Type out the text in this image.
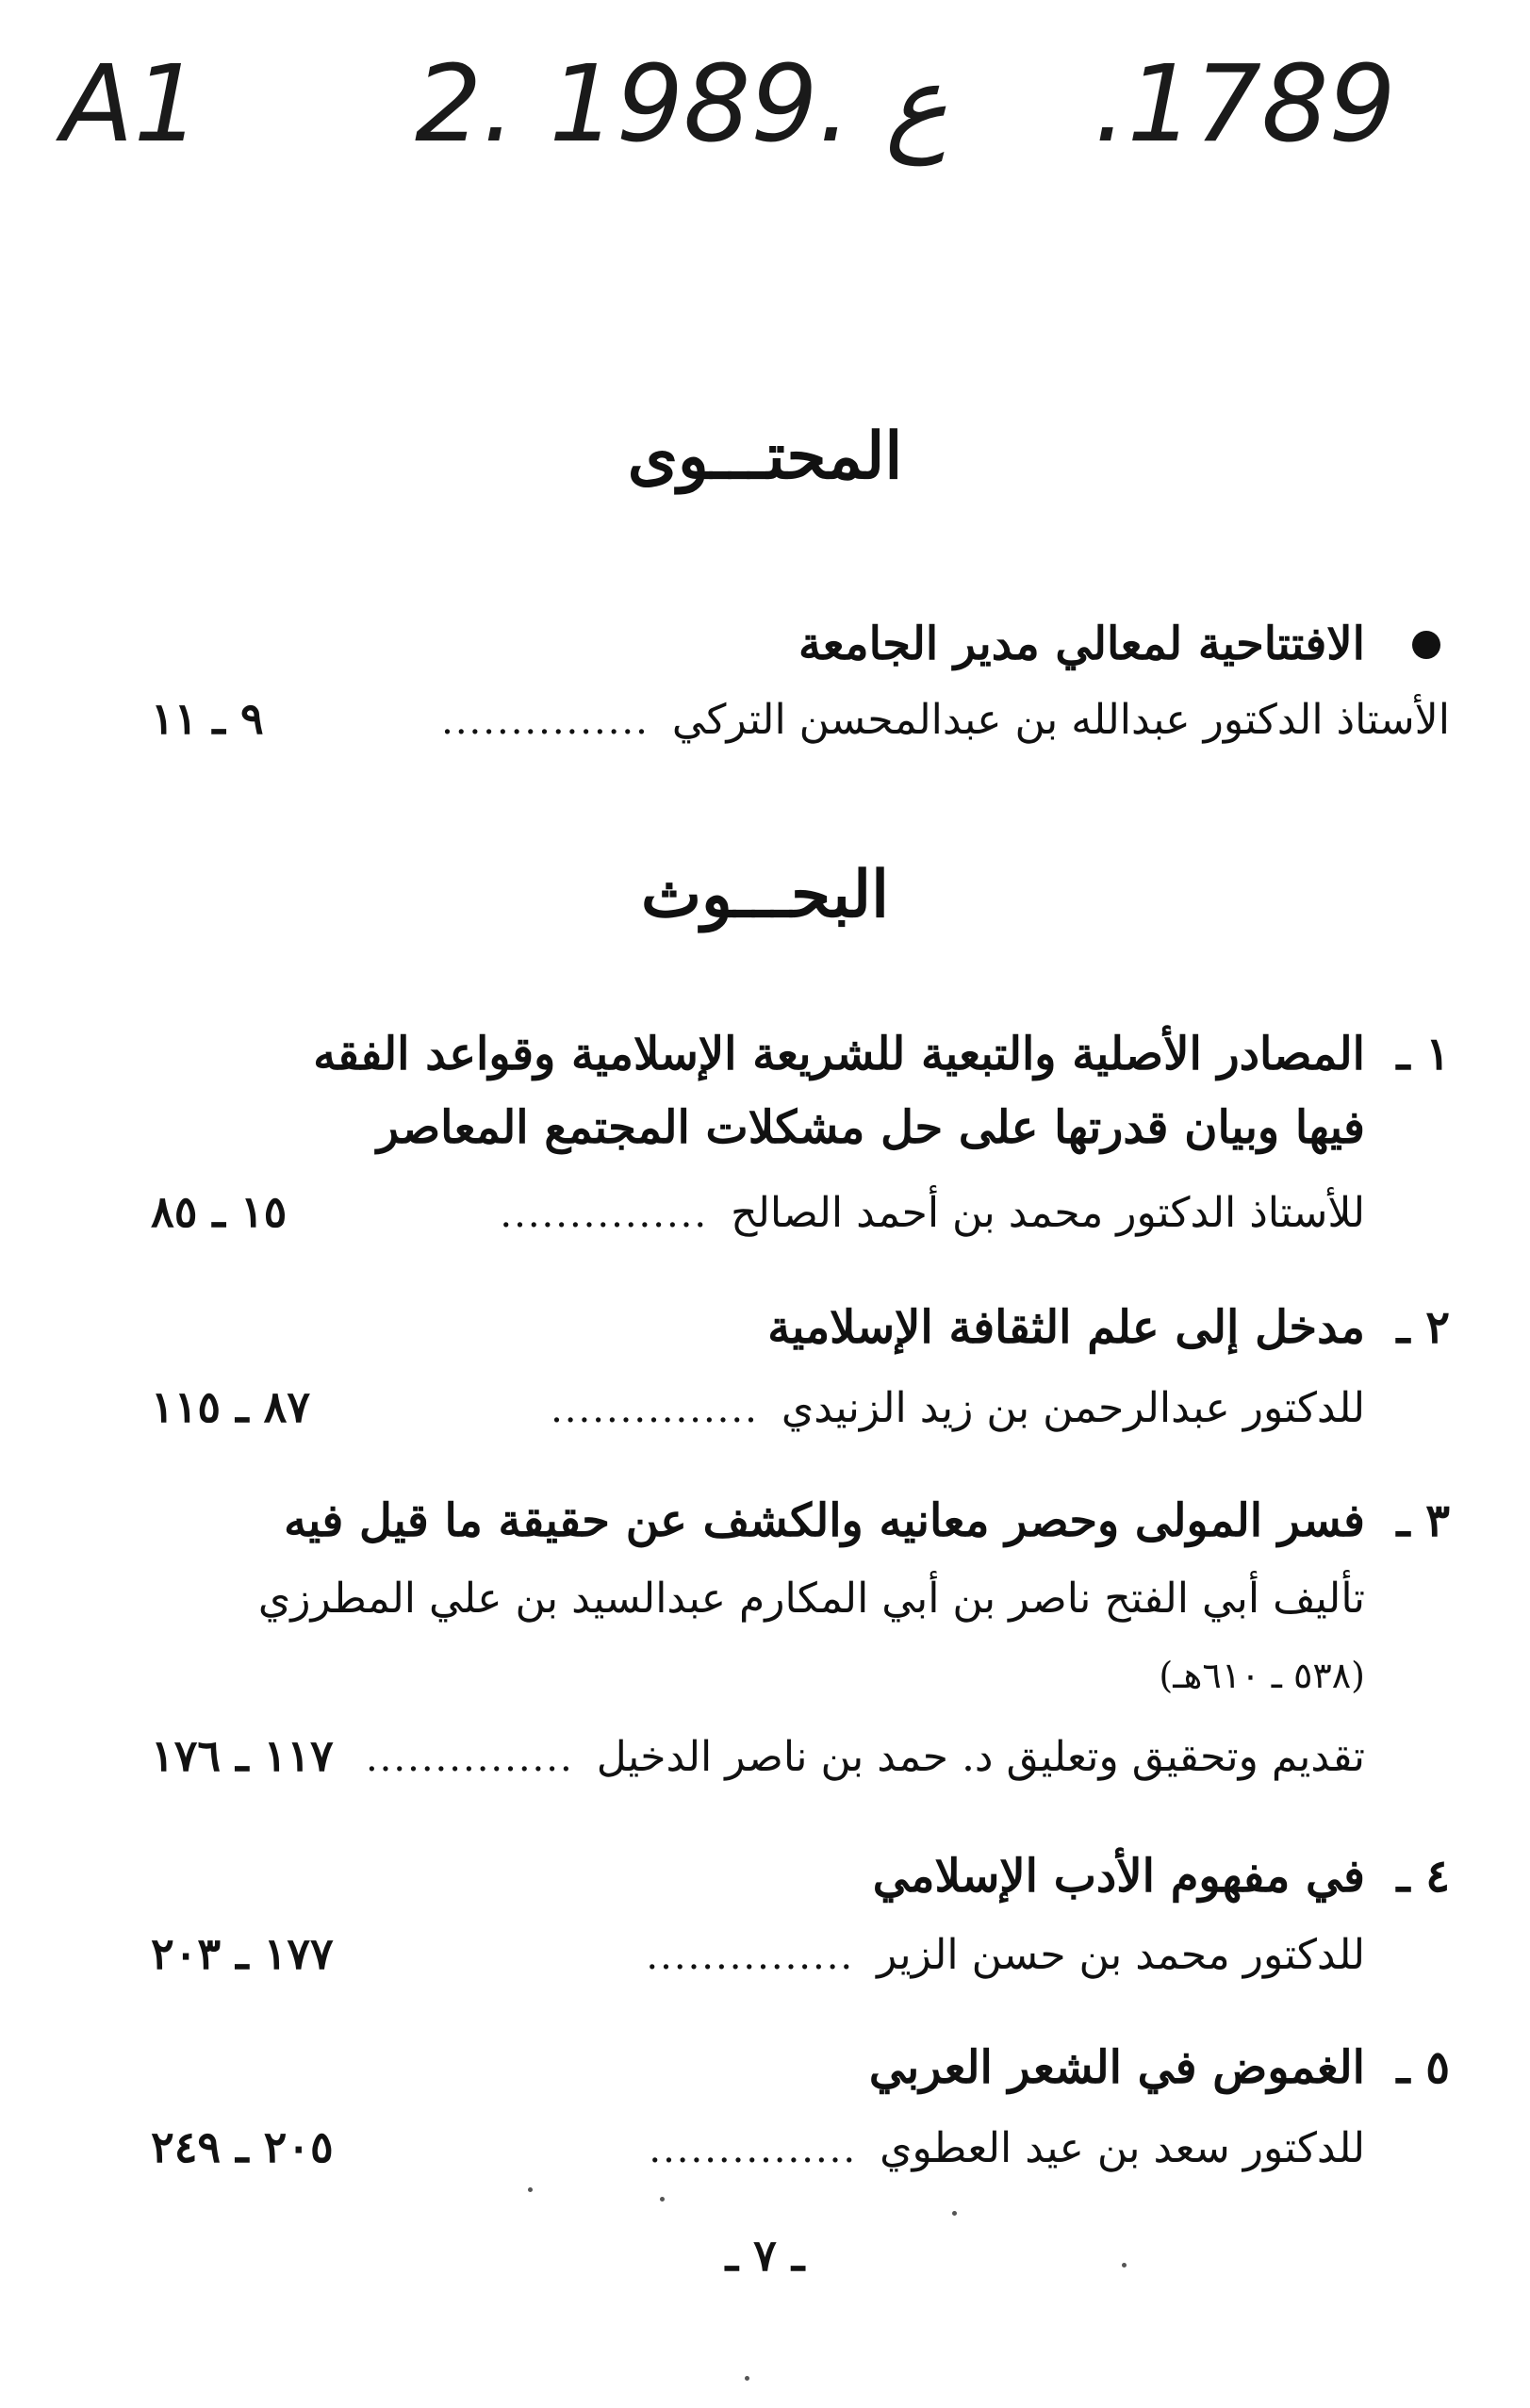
A1 2. ع .1989 .1789
المحتـــوى
الافتتاحية لمعالي مدير الجامعة
الأستاذ الدكتور عبدالله بن عبدالمحسن التركي
...............
٩ ـ ١١
البحـــوث
١ ـ
المصادر الأصلية والتبعية للشريعة الإسلامية وقواعد الفقه
فيها وبيان قدرتها على حل مشكلات المجتمع المعاصر
للأستاذ الدكتور محمد بن أحمد الصالح
...............
١٥ ـ ٨٥
٢ ـ
مدخل إلى علم الثقافة الإسلامية
للدكتور عبدالرحمن بن زيد الزنيدي
...............
٨٧ ـ ١١٥
٣ ـ
فسر المولى وحصر معانيه والكشف عن حقيقة ما قيل فيه
تأليف أبي الفتح ناصر بن أبي المكارم عبدالسيد بن علي المطرزي
(٥٣٨ ـ ٦١٠هـ)
تقديم وتحقيق وتعليق د. حمد بن ناصر الدخيل
...............
١١٧ ـ ١٧٦
٤ ـ
في مفهوم الأدب الإسلامي
للدكتور محمد بن حسن الزير
...............
١٧٧ ـ ٢٠٣
٥ ـ
الغموض في الشعر العربي
للدكتور سعد بن عيد العطوي
...............
٢٠٥ ـ ٢٤٩
ـ ٧ ـ
